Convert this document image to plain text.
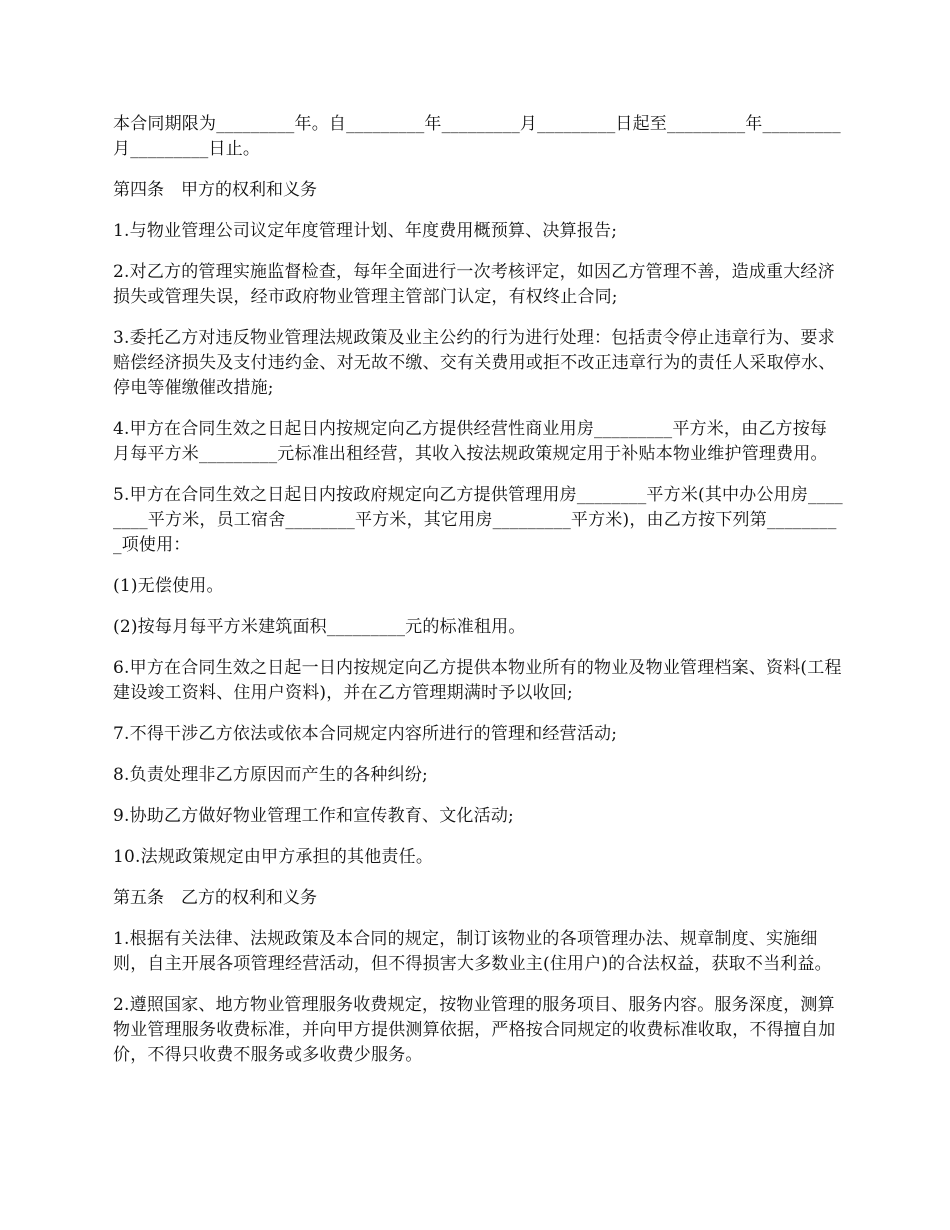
本合同期限为_________年。自_________年_________月_________日起至_________年_________月_________日止。

第四条　甲方的权利和义务

1.与物业管理公司议定年度管理计划、年度费用概预算、决算报告;

2.对乙方的管理实施监督检查，每年全面进行一次考核评定，如因乙方管理不善，造成重大经济损失或管理失误，经市政府物业管理主管部门认定，有权终止合同;

3.委托乙方对违反物业管理法规政策及业主公约的行为进行处理：包括责令停止违章行为、要求赔偿经济损失及支付违约金、对无故不缴、交有关费用或拒不改正违章行为的责任人采取停水、停电等催缴催改措施;

4.甲方在合同生效之日起日内按规定向乙方提供经营性商业用房_________平方米，由乙方按每月每平方米_________元标准出租经营，其收入按法规政策规定用于补贴本物业维护管理费用。

5.甲方在合同生效之日起日内按政府规定向乙方提供管理用房________平方米(其中办公用房________平方米，员工宿舍________平方米，其它用房_________平方米)，由乙方按下列第_________项使用：

(1)无偿使用。

(2)按每月每平方米建筑面积_________元的标准租用。

6.甲方在合同生效之日起一日内按规定向乙方提供本物业所有的物业及物业管理档案、资料(工程建设竣工资料、住用户资料)，并在乙方管理期满时予以收回;

7.不得干涉乙方依法或依本合同规定内容所进行的管理和经营活动;

8.负责处理非乙方原因而产生的各种纠纷;

9.协助乙方做好物业管理工作和宣传教育、文化活动;

10.法规政策规定由甲方承担的其他责任。

第五条　乙方的权利和义务

1.根据有关法律、法规政策及本合同的规定，制订该物业的各项管理办法、规章制度、实施细则，自主开展各项管理经营活动，但不得损害大多数业主(住用户)的合法权益，获取不当利益。

2.遵照国家、地方物业管理服务收费规定，按物业管理的服务项目、服务内容。服务深度，测算物业管理服务收费标准，并向甲方提供测算依据，严格按合同规定的收费标准收取，不得擅自加价，不得只收费不服务或多收费少服务。
